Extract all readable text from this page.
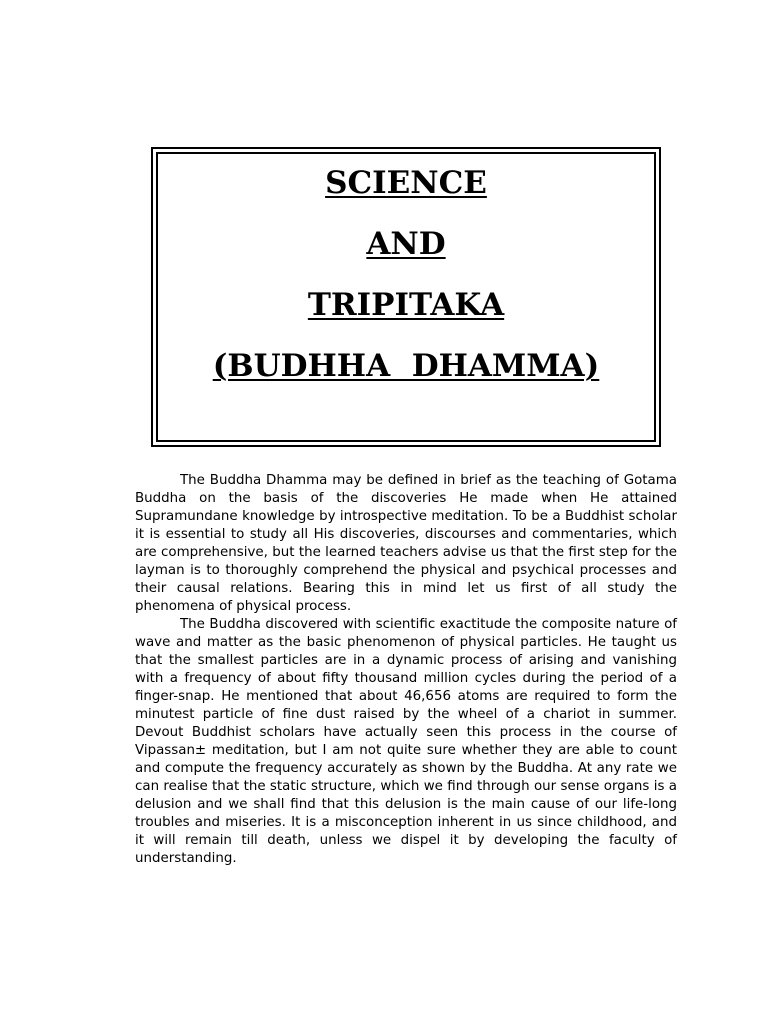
SCIENCE
AND
TRIPITAKA
(BUDHHA  DHAMMA)

The Buddha Dhamma may be defined in brief as the teaching of Gotama Buddha on the basis of the discoveries He made when He attained Supramundane knowledge by introspective meditation. To be a Buddhist scholar it is essential to study all His discoveries, discourses and commentaries, which are comprehensive, but the learned teachers advise us that the first step for the layman is to thoroughly comprehend the physical and psychical processes and their causal relations. Bearing this in mind let us first of all study the phenomena of physical process.

The Buddha discovered with scientific exactitude the composite nature of wave and matter as the basic phenomenon of physical particles. He taught us that the smallest particles are in a dynamic process of arising and vanishing with a frequency of about fifty thousand million cycles during the period of a finger-snap. He mentioned that about 46,656 atoms are required to form the minutest particle of fine dust raised by the wheel of a chariot in summer. Devout Buddhist scholars have actually seen this process in the course of Vipassan± meditation, but I am not quite sure whether they are able to count and compute the frequency accurately as shown by the Buddha. At any rate we can realise that the static structure, which we find through our sense organs is a delusion and we shall find that this delusion is the main cause of our life-long troubles and miseries. It is a misconception inherent in us since childhood, and it will remain till death, unless we dispel it by developing the faculty of understanding.
